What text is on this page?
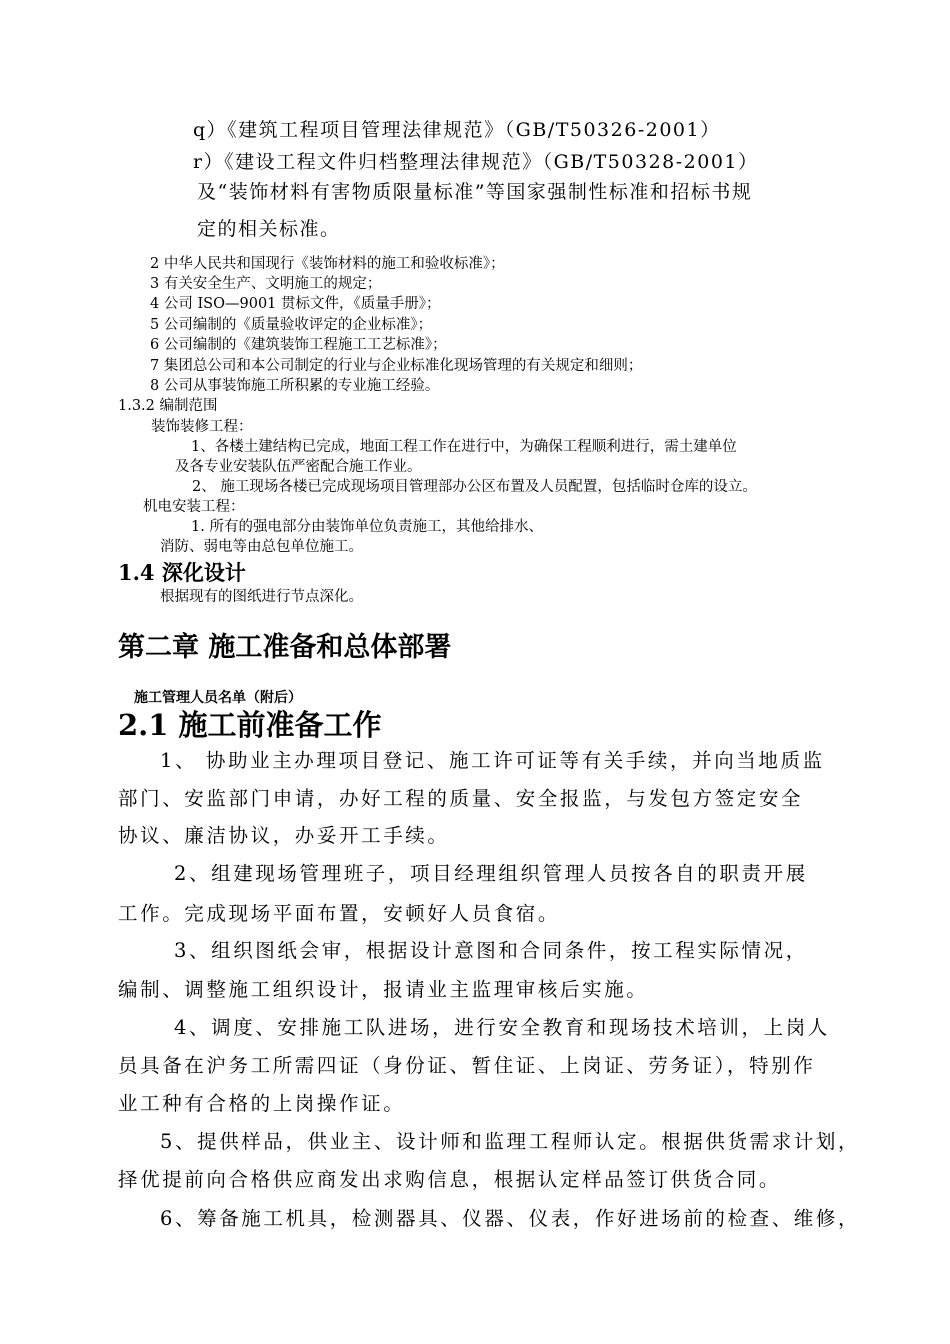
q）《建筑工程项目管理法律规范》（GB/T50326-2001）
r）《建设工程文件归档整理法律规范》（GB/T50328-2001）
及“装饰材料有害物质限量标准”等国家强制性标准和招标书规
定的相关标准。
2 中华人民共和国现行《装饰材料的施工和验收标准》；
3 有关安全生产、文明施工的规定；
4 公司 ISO—9001 贯标文件，《质量手册》；
5 公司编制的《质量验收评定的企业标准》；
6 公司编制的《建筑装饰工程施工工艺标准》；
7 集团总公司和本公司制定的行业与企业标准化现场管理的有关规定和细则；
8 公司从事装饰施工所积累的专业施工经验。
1.3.2 编制范围
装饰装修工程：
1、各楼土建结构已完成，地面工程工作在进行中，为确保工程顺利进行，需土建单位
及各专业安装队伍严密配合施工作业。
2、 施工现场各楼已完成现场项目管理部办公区布置及人员配置，包括临时仓库的设立。
机电安装工程：
1. 所有的强电部分由装饰单位负责施工，其他给排水、
消防、弱电等由总包单位施工。
1.4 深化设计
根据现有的图纸进行节点深化。
第二章 施工准备和总体部署
施工管理人员名单（附后）
2.1 施工前准备工作
1、 协助业主办理项目登记、施工许可证等有关手续，并向当地质监
部门、安监部门申请，办好工程的质量、安全报监，与发包方签定安全
协议、廉洁协议，办妥开工手续。
2、组建现场管理班子，项目经理组织管理人员按各自的职责开展
工作。完成现场平面布置，安顿好人员食宿。
3、组织图纸会审，根据设计意图和合同条件，按工程实际情况，
编制、调整施工组织设计，报请业主监理审核后实施。
4、调度、安排施工队进场，进行安全教育和现场技术培训，上岗人
员具备在沪务工所需四证（身份证、暂住证、上岗证、劳务证），特别作
业工种有合格的上岗操作证。
5、提供样品，供业主、设计师和监理工程师认定。根据供货需求计划，
择优提前向合格供应商发出求购信息，根据认定样品签订供货合同。
6、筹备施工机具，检测器具、仪器、仪表，作好进场前的检查、维修，
